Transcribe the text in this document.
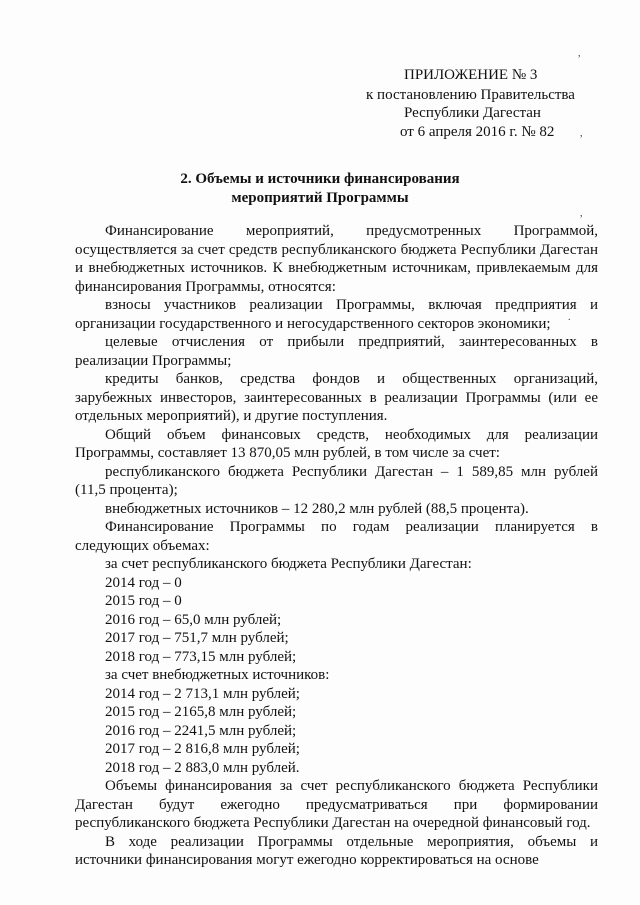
ПРИЛОЖЕНИЕ № 3
к постановлению Правительства
Республики Дагестан
от 6 апреля 2016 г. № 82
2. Объемы и источники финансирования
мероприятий Программы

Финансирование мероприятий, предусмотренных Программой, осуществляется за счет средств республиканского бюджета Республики Дагестан и внебюджетных источников. К внебюджетным источникам, привлекаемым для финансирования Программы, относятся:

взносы участников реализации Программы, включая предприятия и организации государственного и негосударственного секторов экономики;

целевые отчисления от прибыли предприятий, заинтересованных в реализации Программы;

кредиты банков, средства фондов и общественных организаций, зарубежных инвесторов, заинтересованных в реализации Программы (или ее отдельных мероприятий), и другие поступления.

Общий объем финансовых средств, необходимых для реализации Программы, составляет 13 870,05 млн рублей, в том числе за счет:

республиканского бюджета Республики Дагестан – 1 589,85 млн рублей (11,5 процента);

внебюджетных источников – 12 280,2 млн рублей (88,5 процента).

Финансирование Программы по годам реализации планируется в следующих объемах:

за счет республиканского бюджета Республики Дагестан:
2014 год – 0
2015 год – 0
2016 год – 65,0 млн рублей;
2017 год – 751,7 млн рублей;
2018 год – 773,15 млн рублей;
за счет внебюджетных источников:
2014 год – 2 713,1 млн рублей;
2015 год – 2165,8 млн рублей;
2016 год – 2241,5 млн рублей;
2017 год – 2 816,8 млн рублей;
2018 год – 2 883,0 млн рублей.

Объемы финансирования за счет республиканского бюджета Республики Дагестан будут ежегодно предусматриваться при формировании республиканского бюджета Республики Дагестан на очередной финансовый год.

В ходе реализации Программы отдельные мероприятия, объемы и источники финансирования могут ежегодно корректироваться на основе

,
,
,
.
